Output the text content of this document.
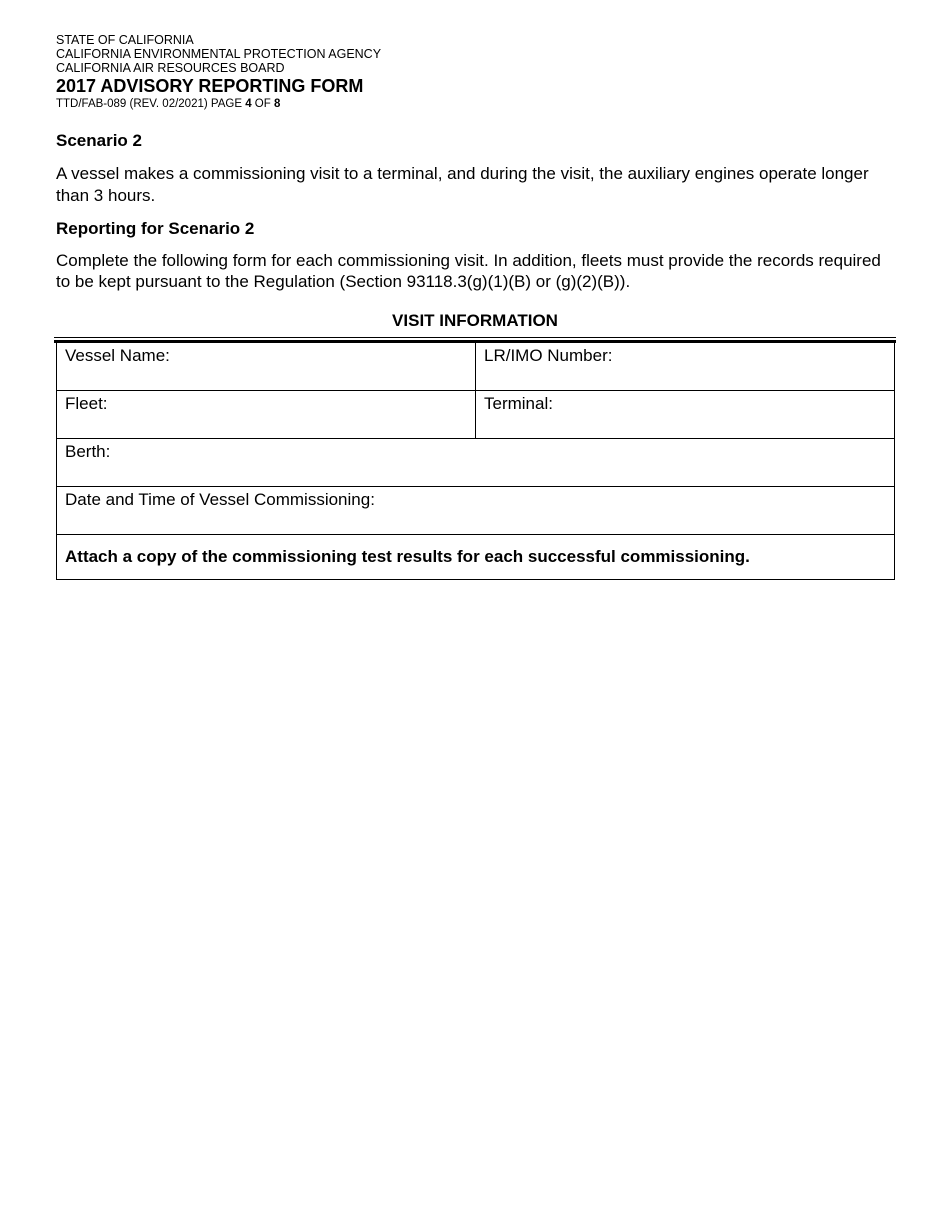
STATE OF CALIFORNIA

CALIFORNIA ENVIRONMENTAL PROTECTION AGENCY

CALIFORNIA AIR RESOURCES BOARD

2017 ADVISORY REPORTING FORM

TTD/FAB-089 (REV. 02/2021) PAGE 4 OF 8

Scenario 2

A vessel makes a commissioning visit to a terminal, and during the visit, the auxiliary engines operate longer than 3 hours.

Reporting for Scenario 2

Complete the following form for each commissioning visit. In addition, fleets must provide the records required to be kept pursuant to the Regulation (Section 93118.3(g)(1)(B) or (g)(2)(B)).

VISIT INFORMATION
Vessel Name:	LR/IMO Number:
Fleet:	Terminal:
Berth:	
Date and Time of Vessel Commissioning:	
Attach a copy of the commissioning test results for each successful commissioning.	
